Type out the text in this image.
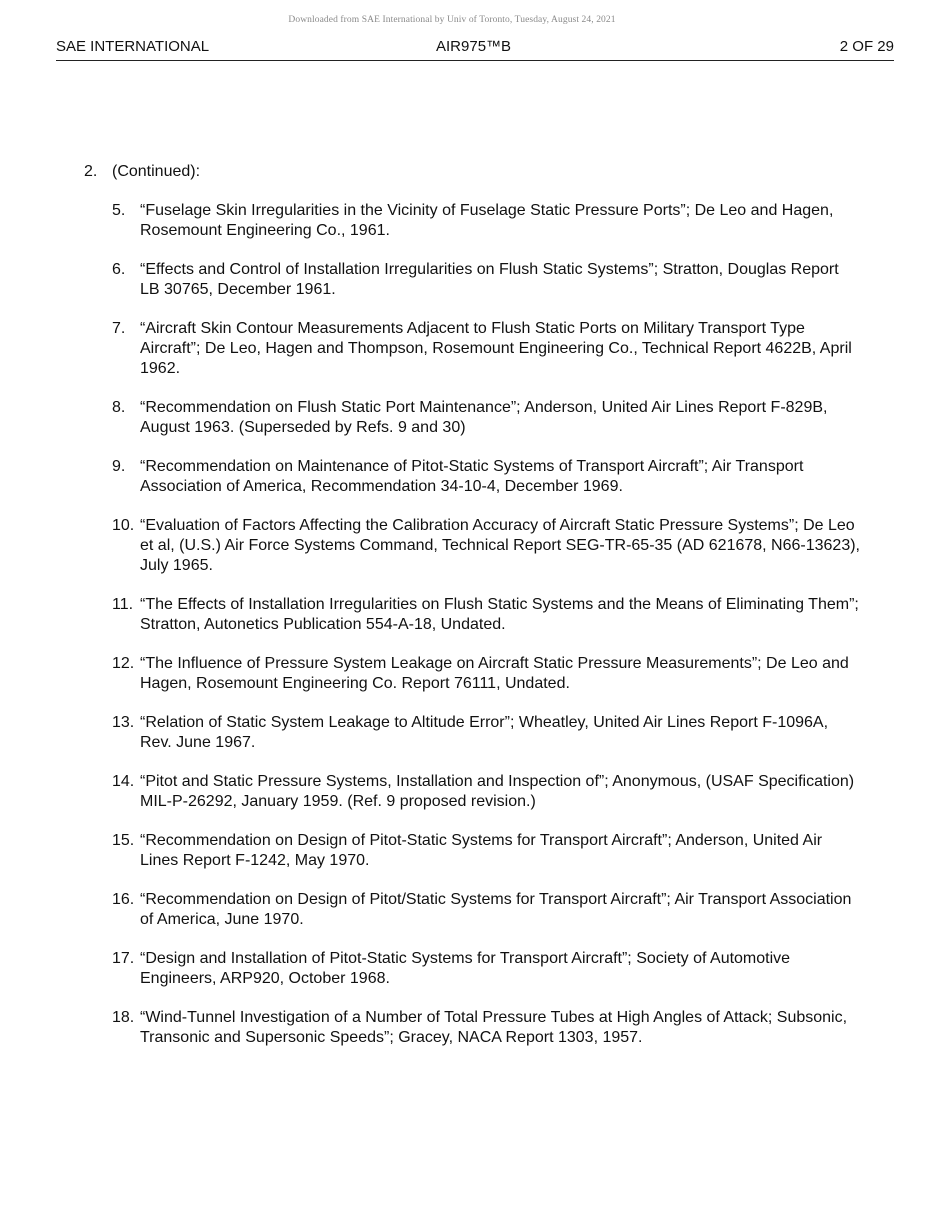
Downloaded from SAE International by Univ of Toronto, Tuesday, August 24, 2021
SAE INTERNATIONAL	AIR975™B	2 OF 29
2. (Continued):
5. “Fuselage Skin Irregularities in the Vicinity of Fuselage Static Pressure Ports”; De Leo and Hagen, Rosemount Engineering Co., 1961.
6. “Effects and Control of Installation Irregularities on Flush Static Systems”; Stratton, Douglas Report LB 30765, December 1961.
7. “Aircraft Skin Contour Measurements Adjacent to Flush Static Ports on Military Transport Type Aircraft”; De Leo, Hagen and Thompson, Rosemount Engineering Co., Technical Report 4622B, April 1962.
8. “Recommendation on Flush Static Port Maintenance”; Anderson, United Air Lines Report F-829B, August 1963. (Superseded by Refs. 9 and 30)
9. “Recommendation on Maintenance of Pitot-Static Systems of Transport Aircraft”; Air Transport Association of America, Recommendation 34-10-4, December 1969.
10. “Evaluation of Factors Affecting the Calibration Accuracy of Aircraft Static Pressure Systems”; De Leo et al, (U.S.) Air Force Systems Command, Technical Report SEG-TR-65-35 (AD 621678, N66-13623), July 1965.
11. “The Effects of Installation Irregularities on Flush Static Systems and the Means of Eliminating Them”; Stratton, Autonetics Publication 554-A-18, Undated.
12. “The Influence of Pressure System Leakage on Aircraft Static Pressure Measurements”; De Leo and Hagen, Rosemount Engineering Co. Report 76111, Undated.
13. “Relation of Static System Leakage to Altitude Error”; Wheatley, United Air Lines Report F-1096A, Rev. June 1967.
14. “Pitot and Static Pressure Systems, Installation and Inspection of”; Anonymous, (USAF Specification) MIL-P-26292, January 1959. (Ref. 9 proposed revision.)
15. “Recommendation on Design of Pitot-Static Systems for Transport Aircraft”; Anderson, United Air Lines Report F-1242, May 1970.
16. “Recommendation on Design of Pitot/Static Systems for Transport Aircraft”; Air Transport Association of America, June 1970.
17. “Design and Installation of Pitot-Static Systems for Transport Aircraft”; Society of Automotive Engineers, ARP920, October 1968.
18. “Wind-Tunnel Investigation of a Number of Total Pressure Tubes at High Angles of Attack; Subsonic, Transonic and Supersonic Speeds”; Gracey, NACA Report 1303, 1957.
